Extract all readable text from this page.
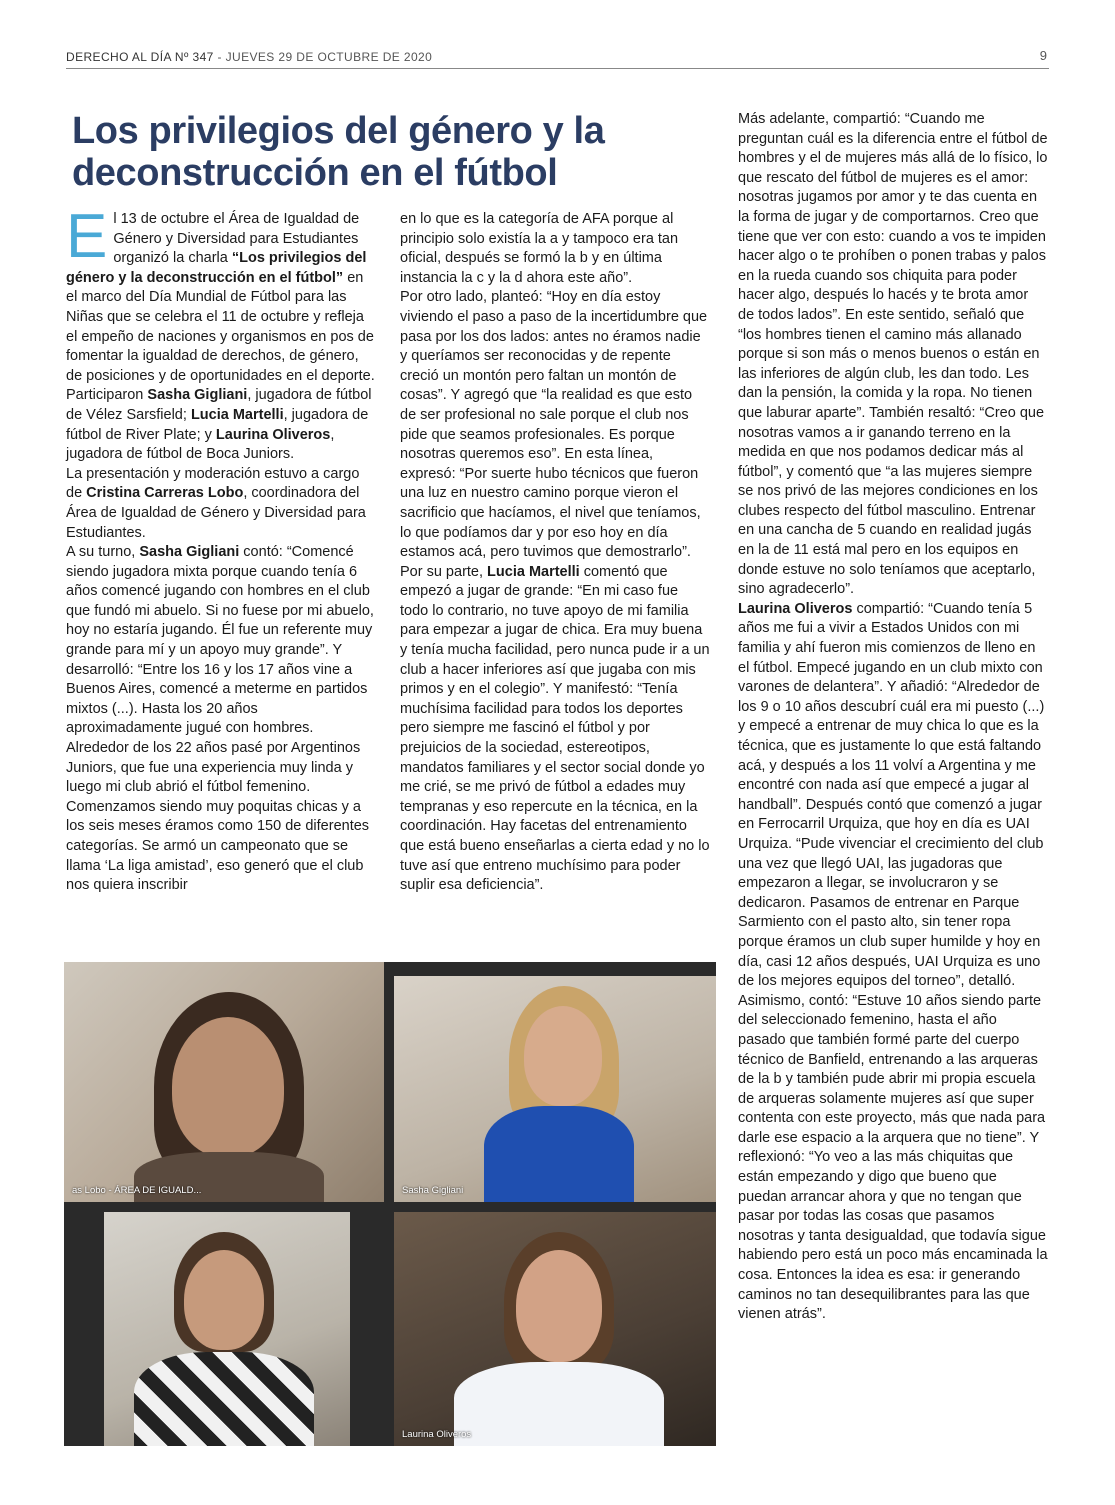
DERECHO AL DÍA Nº 347 - JUEVES 29 DE OCTUBRE DE 2020	9
Los privilegios del género y la deconstrucción en el fútbol

El 13 de octubre el Área de Igualdad de Género y Diversidad para Estudiantes organizó la charla “Los privilegios del género y la deconstrucción en el fútbol” en el marco del Día Mundial de Fútbol para las Niñas que se celebra el 11 de octubre y refleja el empeño de naciones y organismos en pos de fomentar la igualdad de derechos, de género, de posiciones y de oportunidades en el deporte.

Participaron Sasha Gigliani, jugadora de fútbol de Vélez Sarsfield; Lucia Martelli, jugadora de fútbol de River Plate; y Laurina Oliveros, jugadora de fútbol de Boca Juniors.

La presentación y moderación estuvo a cargo de Cristina Carreras Lobo, coordinadora del Área de Igualdad de Género y Diversidad para Estudiantes.

A su turno, Sasha Gigliani contó: “Comencé siendo jugadora mixta porque cuando tenía 6 años comencé jugando con hombres en el club que fundó mi abuelo. Si no fuese por mi abuelo, hoy no estaría jugando. Él fue un referente muy grande para mí y un apoyo muy grande”. Y desarrolló: “Entre los 16 y los 17 años vine a Buenos Aires, comencé a meterme en partidos mixtos (...). Hasta los 20 años aproximadamente jugué con hombres. Alrededor de los 22 años pasé por Argentinos Juniors, que fue una experiencia muy linda y luego mi club abrió el fútbol femenino. Comenzamos siendo muy poquitas chicas y a los seis meses éramos como 150 de diferentes categorías. Se armó un campeonato que se llama ‘La liga amistad’, eso generó que el club nos quiera inscribir

en lo que es la categoría de AFA porque al principio solo existía la a y tampoco era tan oficial, después se formó la b y en última instancia la c y la d ahora este año”.

Por otro lado, planteó: “Hoy en día estoy viviendo el paso a paso de la incertidumbre que pasa por los dos lados: antes no éramos nadie y queríamos ser reconocidas y de repente creció un montón pero faltan un montón de cosas”. Y agregó que “la realidad es que esto de ser profesional no sale porque el club nos pide que seamos profesionales. Es porque nosotras queremos eso”. En esta línea, expresó: “Por suerte hubo técnicos que fueron una luz en nuestro camino porque vieron el sacrificio que hacíamos, el nivel que teníamos, lo que podíamos dar y por eso hoy en día estamos acá, pero tuvimos que demostrarlo”.

Por su parte, Lucia Martelli comentó que empezó a jugar de grande: “En mi caso fue todo lo contrario, no tuve apoyo de mi familia para empezar a jugar de chica. Era muy buena y tenía mucha facilidad, pero nunca pude ir a un club a hacer inferiores así que jugaba con mis primos y en el colegio”. Y manifestó: “Tenía muchísima facilidad para todos los deportes pero siempre me fascinó el fútbol y por prejuicios de la sociedad, estereotipos, mandatos familiares y el sector social donde yo me crié, se me privó de fútbol a edades muy tempranas y eso repercute en la técnica, en la coordinación. Hay facetas del entrenamiento que está bueno enseñarlas a cierta edad y no lo tuve así que entreno muchísimo para poder suplir esa deficiencia”.

Más adelante, compartió: “Cuando me preguntan cuál es la diferencia entre el fútbol de hombres y el de mujeres más allá de lo físico, lo que rescato del fútbol de mujeres es el amor: nosotras jugamos por amor y te das cuenta en la forma de jugar y de comportarnos. Creo que tiene que ver con esto: cuando a vos te impiden hacer algo o te prohíben o ponen trabas y palos en la rueda cuando sos chiquita para poder hacer algo, después lo hacés y te brota amor de todos lados”. En este sentido, señaló que “los hombres tienen el camino más allanado porque si son más o menos buenos o están en las inferiores de algún club, les dan todo. Les dan la pensión, la comida y la ropa. No tienen que laburar aparte”. También resaltó: “Creo que nosotras vamos a ir ganando terreno en la medida en que nos podamos dedicar más al fútbol”, y comentó que “a las mujeres siempre se nos privó de las mejores condiciones en los clubes respecto del fútbol masculino. Entrenar en una cancha de 5 cuando en realidad jugás en la de 11 está mal pero en los equipos en donde estuve no solo teníamos que aceptarlo, sino agradecerlo”.

Laurina Oliveros compartió: “Cuando tenía 5 años me fui a vivir a Estados Unidos con mi familia y ahí fueron mis comienzos de lleno en el fútbol. Empecé jugando en un club mixto con varones de delantera”. Y añadió: “Alrededor de los 9 o 10 años descubrí cuál era mi puesto (...) y empecé a entrenar de muy chica lo que es la técnica, que es justamente lo que está faltando acá, y después a los 11 volví a Argentina y me encontré con nada así que empecé a jugar al handball”. Después contó que comenzó a jugar en Ferrocarril Urquiza, que hoy en día es UAI Urquiza. “Pude vivenciar el crecimiento del club una vez que llegó UAI, las jugadoras que empezaron a llegar, se involucraron y se dedicaron. Pasamos de entrenar en Parque Sarmiento con el pasto alto, sin tener ropa porque éramos un club super humilde y hoy en día, casi 12 años después, UAI Urquiza es uno de los mejores equipos del torneo”, detalló.

Asimismo, contó: “Estuve 10 años siendo parte del seleccionado femenino, hasta el año pasado que también formé parte del cuerpo técnico de Banfield, entrenando a las arqueras de la b y también pude abrir mi propia escuela de arqueras solamente mujeres así que super contenta con este proyecto, más que nada para darle ese espacio a la arquera que no tiene”. Y reflexionó: “Yo veo a las más chiquitas que están empezando y digo que bueno que puedan arrancar ahora y que no tengan que pasar por todas las cosas que pasamos nosotras y tanta desigualdad, que todavía sigue habiendo pero está un poco más encaminada la cosa. Entonces la idea es esa: ir generando caminos no tan desequilibrantes para las que vienen atrás”.

as Lobo - ÁREA DE IGUALD...	Sasha Gigliani
Laurina Oliveros
